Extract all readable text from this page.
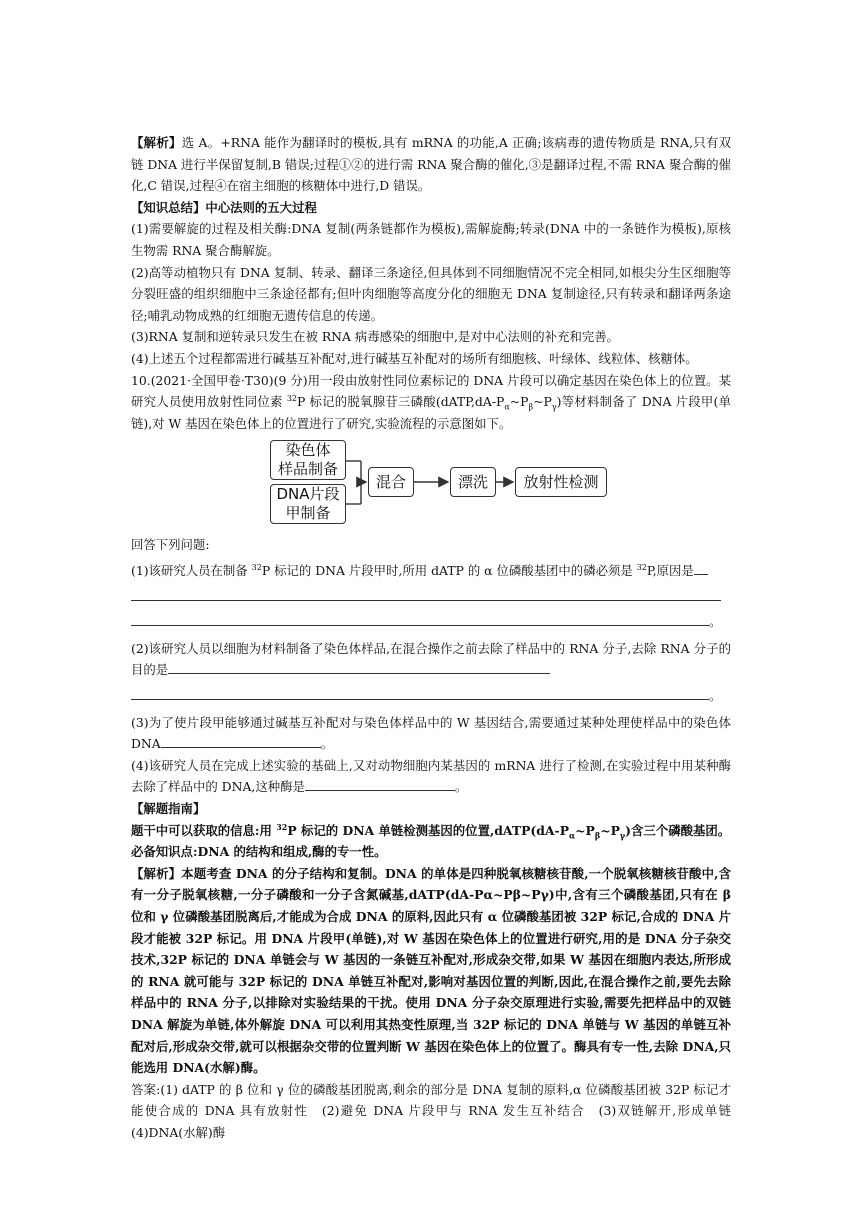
【解析】选 A。+RNA 能作为翻译时的模板,具有 mRNA 的功能,A 正确;该病毒的遗传物质是 RNA,只有双链 DNA 进行半保留复制,B 错误;过程①②的进行需 RNA 聚合酶的催化,③是翻译过程,不需 RNA 聚合酶的催化,C 错误,过程④在宿主细胞的核糖体中进行,D 错误。

【知识总结】中心法则的五大过程

(1)需要解旋的过程及相关酶:DNA 复制(两条链都作为模板),需解旋酶;转录(DNA 中的一条链作为模板),原核生物需 RNA 聚合酶解旋。

(2)高等动植物只有 DNA 复制、转录、翻译三条途径,但具体到不同细胞情况不完全相同,如根尖分生区细胞等分裂旺盛的组织细胞中三条途径都有;但叶肉细胞等高度分化的细胞无 DNA 复制途径,只有转录和翻译两条途径;哺乳动物成熟的红细胞无遗传信息的传递。

(3)RNA 复制和逆转录只发生在被 RNA 病毒感染的细胞中,是对中心法则的补充和完善。

(4)上述五个过程都需进行碱基互补配对,进行碱基互补配对的场所有细胞核、叶绿体、线粒体、核糖体。

10.(2021·全国甲卷·T30)(9 分)用一段由放射性同位素标记的 DNA 片段可以确定基因在染色体上的位置。某研究人员使用放射性同位素 $^{32}$P 标记的脱氧腺苷三磷酸$(dATP,dA-P_\alpha\sim P_\beta\sim P_\gamma)$等材料制备了 DNA 片段甲(单链),对 W 基因在染色体上的位置进行了研究,实验流程的示意图如下。

染色体
样品制备
DNA片段
甲制备
混合	漂洗	放射性检测

回答下列问题:

(1)该研究人员在制备 $^{32}$P 标记的 DNA 片段甲时,所用 dATP 的 α 位磷酸基团中的磷必须是 $^{32}$P,原因是

。

(2)该研究人员以细胞为材料制备了染色体样品,在混合操作之前去除了样品中的 RNA 分子,去除 RNA 分子的目的是

。

(3)为了使片段甲能够通过碱基互补配对与染色体样品中的 W 基因结合,需要通过某种处理使样品中的染色体 DNA	。

(4)该研究人员在完成上述实验的基础上,又对动物细胞内某基因的 mRNA 进行了检测,在实验过程中用某种酶去除了样品中的 DNA,这种酶是	。

【解题指南】

题干中可以获取的信息:用 $^{32}$P 标记的 DNA 单链检测基因的位置$,dATP(dA-P_\alpha\sim P_\beta\sim P_\gamma)$含三个磷酸基团。

必备知识点:DNA 的结构和组成,酶的专一性。

【解析】本题考查 DNA 的分子结构和复制。DNA 的单体是四种脱氧核糖核苷酸,一个脱氧核糖核苷酸中,含有一分子脱氧核糖,一分子磷酸和一分子含氮碱基,dATP(dA-Pα~Pβ~Pγ)中,含有三个磷酸基团,只有在 β 位和 γ 位磷酸基团脱离后,才能成为合成 DNA 的原料,因此只有 α 位磷酸基团被 32P 标记,合成的 DNA 片段才能被 32P 标记。用 DNA 片段甲(单链),对 W 基因在染色体上的位置进行研究,用的是 DNA 分子杂交技术,32P 标记的 DNA 单链会与 W 基因的一条链互补配对,形成杂交带,如果 W 基因在细胞内表达,所形成的 RNA 就可能与 32P 标记的 DNA 单链互补配对,影响对基因位置的判断,因此,在混合操作之前,要先去除样品中的 RNA 分子,以排除对实验结果的干扰。使用 DNA 分子杂交原理进行实验,需要先把样品中的双链 DNA 解旋为单链,体外解旋 DNA 可以利用其热变性原理,当 32P 标记的 DNA 单链与 W 基因的单链互补配对后,形成杂交带,就可以根据杂交带的位置判断 W 基因在染色体上的位置了。酶具有专一性,去除 DNA,只能选用 DNA(水解)酶。

答案:(1) dATP 的 β 位和 γ 位的磷酸基团脱离,剩余的部分是 DNA 复制的原料,α 位磷酸基团被 32P 标记才能使合成的 DNA 具有放射性　(2)避免 DNA 片段甲与 RNA 发生互补结合　(3)双链解开,形成单链　(4)DNA(水解)酶
